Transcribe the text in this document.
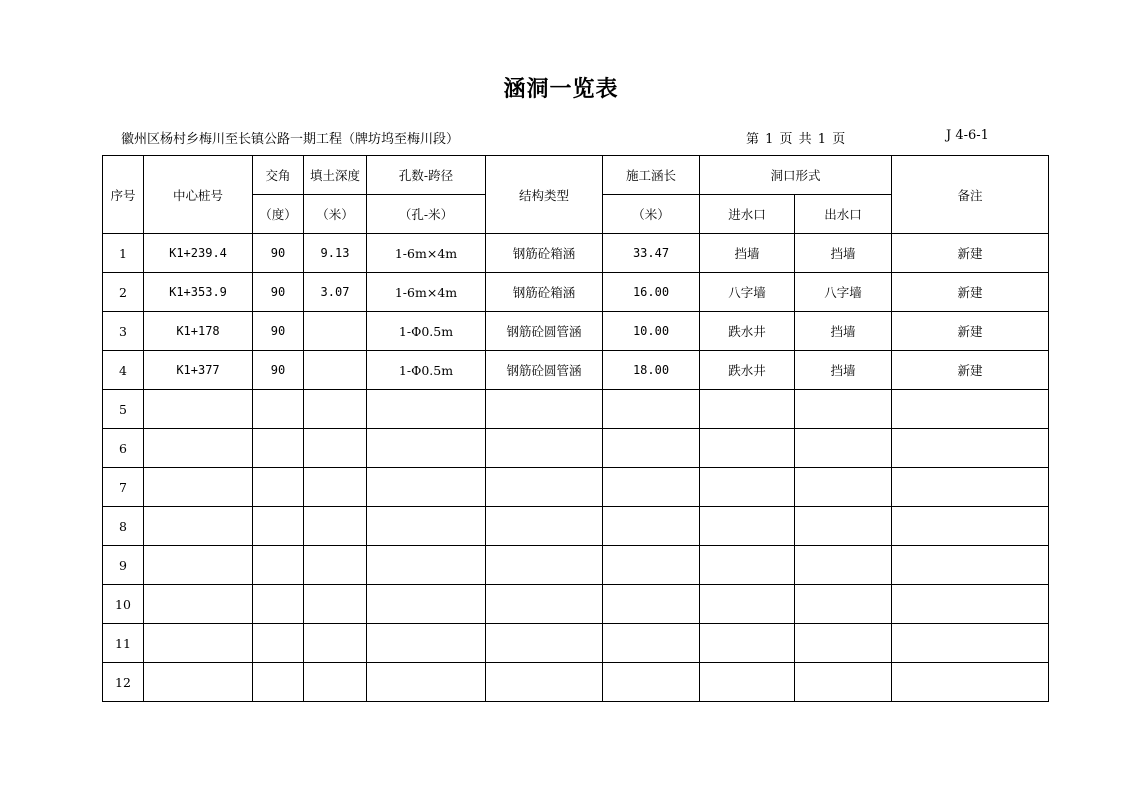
涵洞一览表
徽州区杨村乡梅川至长镇公路一期工程（牌坊坞至梅川段）	第 1 页 共 1 页	J 4-6-1
序号	中心桩号	交角	填土深度	孔数-跨径	结构类型	施工涵长	洞口形式		备注
		（度）	（米）	（孔-米）		（米）	进水口	出水口	
1	K1+239.4	90	9.13	1-6m×4m	钢筋砼箱涵	33.47	挡墙	挡墙	新建
2	K1+353.9	90	3.07	1-6m×4m	钢筋砼箱涵	16.00	八字墙	八字墙	新建
3	K1+178	90		1-Φ0.5m	钢筋砼圆管涵	10.00	跌水井	挡墙	新建
4	K1+377	90		1-Φ0.5m	钢筋砼圆管涵	18.00	跌水井	挡墙	新建
5									
6									
7									
8									
9									
10									
11									
12									
